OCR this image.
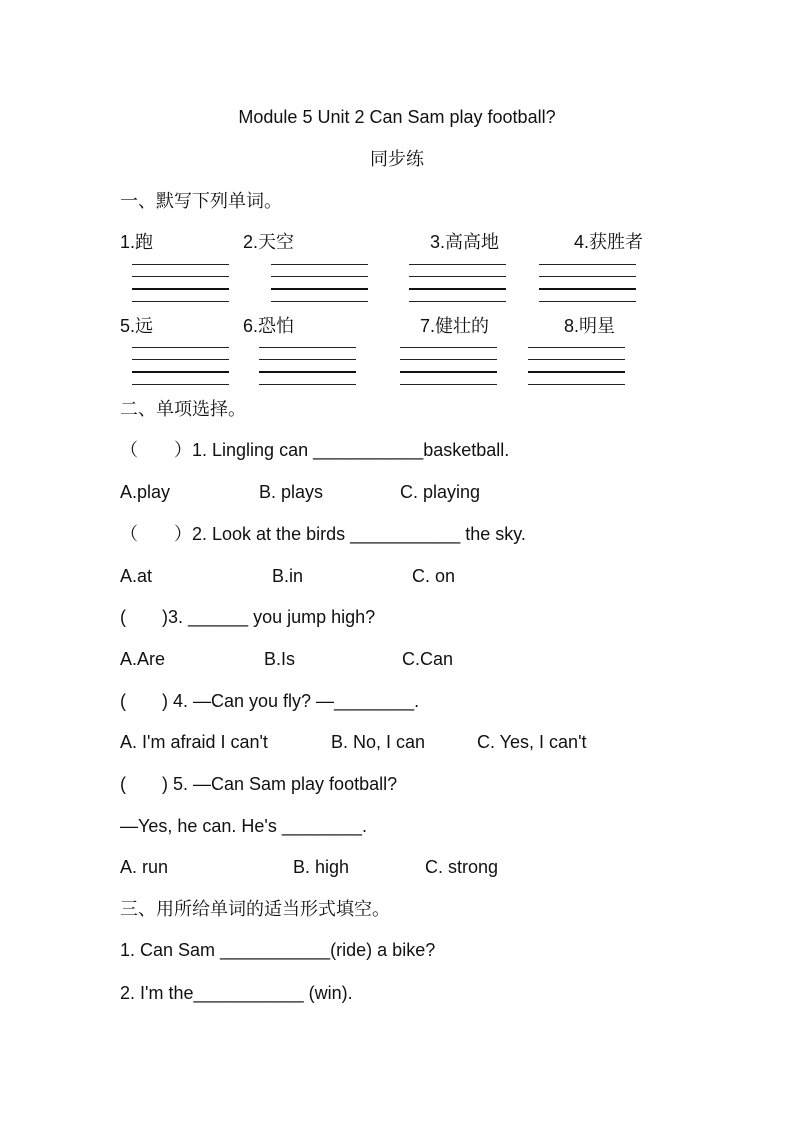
Module 5 Unit 2 Can Sam play football?
同步练
一、默写下列单词。
1.跑	2.天空	3.高高地	4.获胜者
5.远	6.恐怕	7.健壮的	8.明星
二、单项选择。
（　　）1. Lingling can ___________basketball.
A.play	B. plays	C. playing
（　　）2. Look at the birds ___________ the sky.
A.at	B.in	C. on
(　　)3. ______ you jump high?
A.Are	B.Is	C.Can
(　　) 4. —Can you fly? —________.
A. I'm afraid I can't	B. No, I can	C. Yes, I can't
(　　) 5. —Can Sam play football?
—Yes, he can. He's ________.
A. run	B. high	C. strong
三、用所给单词的适当形式填空。
1. Can Sam ___________(ride) a bike?
2. I'm the___________ (win).
